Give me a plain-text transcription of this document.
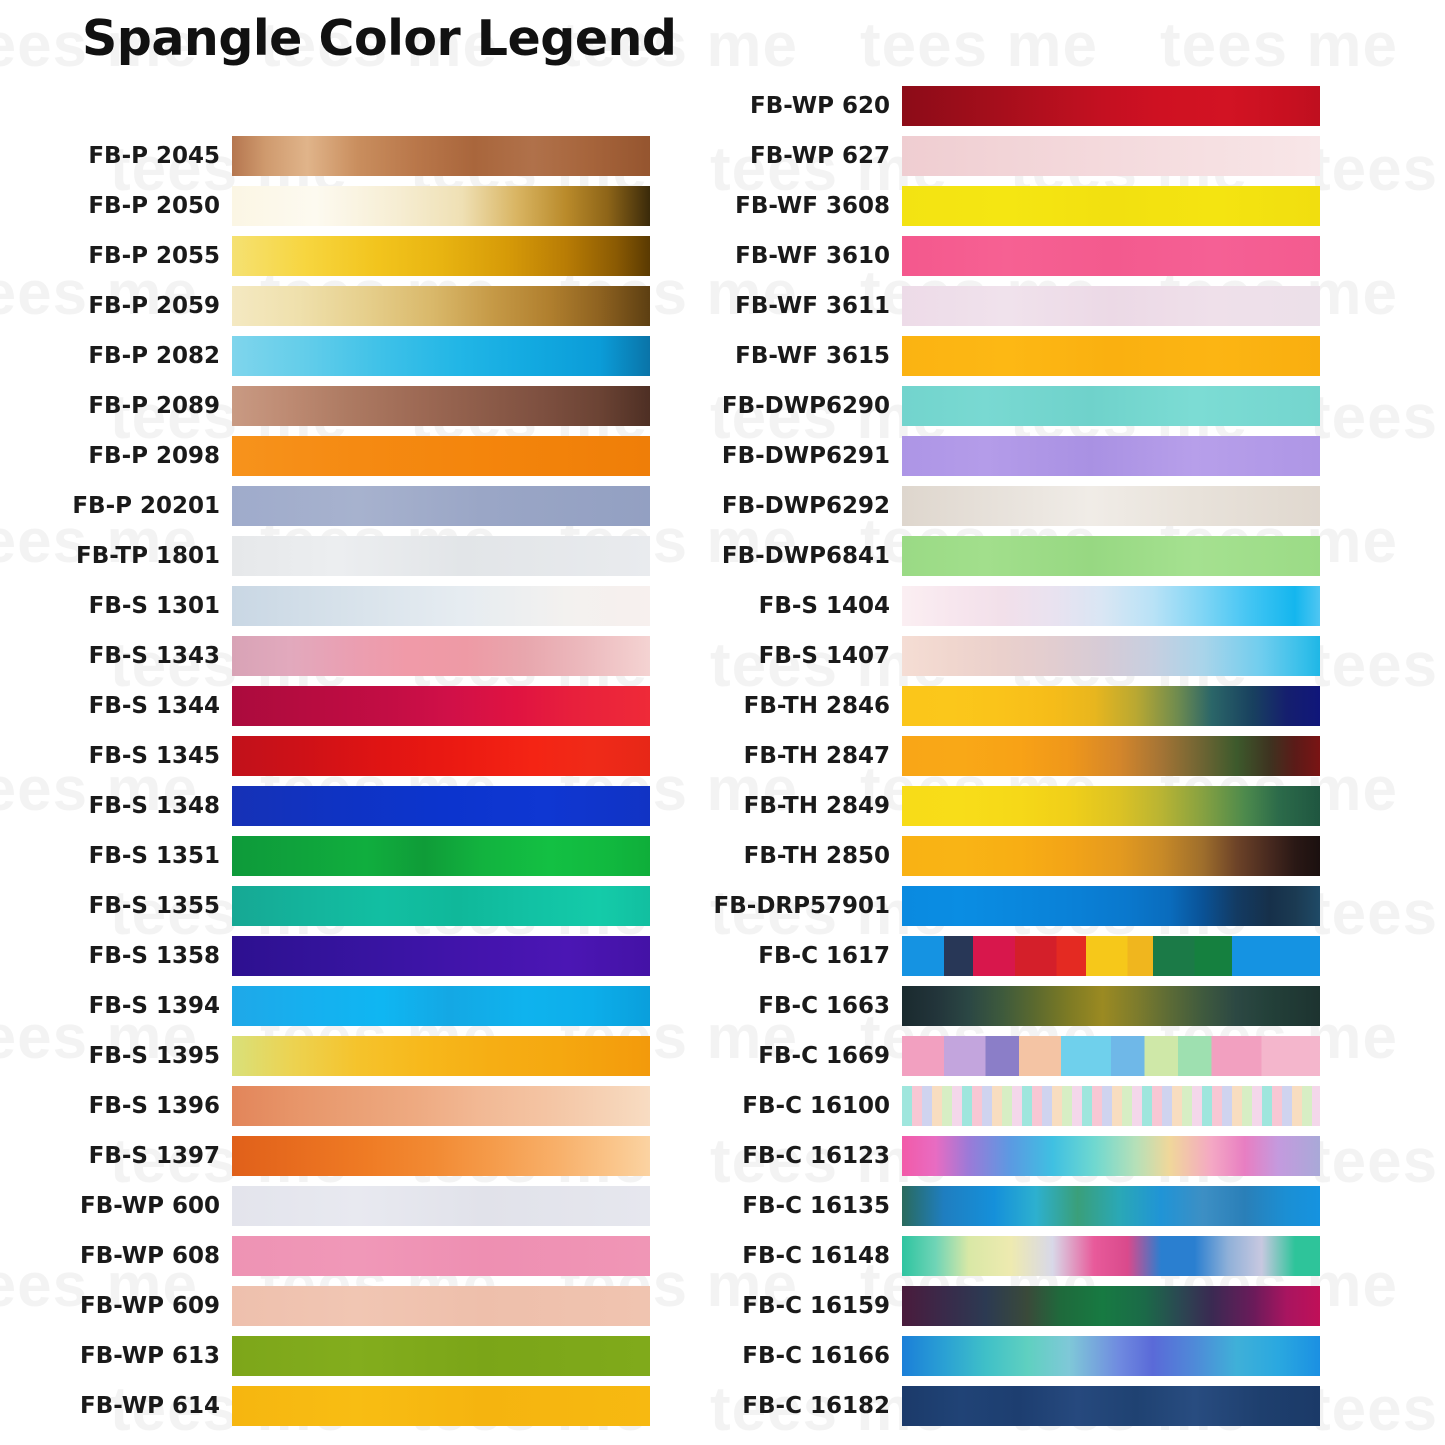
Spangle Color Legend
FB-P 2045
FB-P 2050
FB-P 2055
FB-P 2059
FB-P 2082
FB-P 2089
FB-P 2098
FB-P 20201
FB-TP 1801
FB-S 1301
FB-S 1343
FB-S 1344
FB-S 1345
FB-S 1348
FB-S 1351
FB-S 1355
FB-S 1358
FB-S 1394
FB-S 1395
FB-S 1396
FB-S 1397
FB-WP 600
FB-WP 608
FB-WP 609
FB-WP 613
FB-WP 614
FB-WP 620
FB-WP 627
FB-WF 3608
FB-WF 3610
FB-WF 3611
FB-WF 3615
FB-DWP6290
FB-DWP6291
FB-DWP6292
FB-DWP6841
FB-S 1404
FB-S 1407
FB-TH 2846
FB-TH 2847
FB-TH 2849
FB-TH 2850
FB-DRP57901
FB-C 1617
FB-C 1663
FB-C 1669
FB-C 16100
FB-C 16123
FB-C 16135
FB-C 16148
FB-C 16159
FB-C 16166
FB-C 16182
